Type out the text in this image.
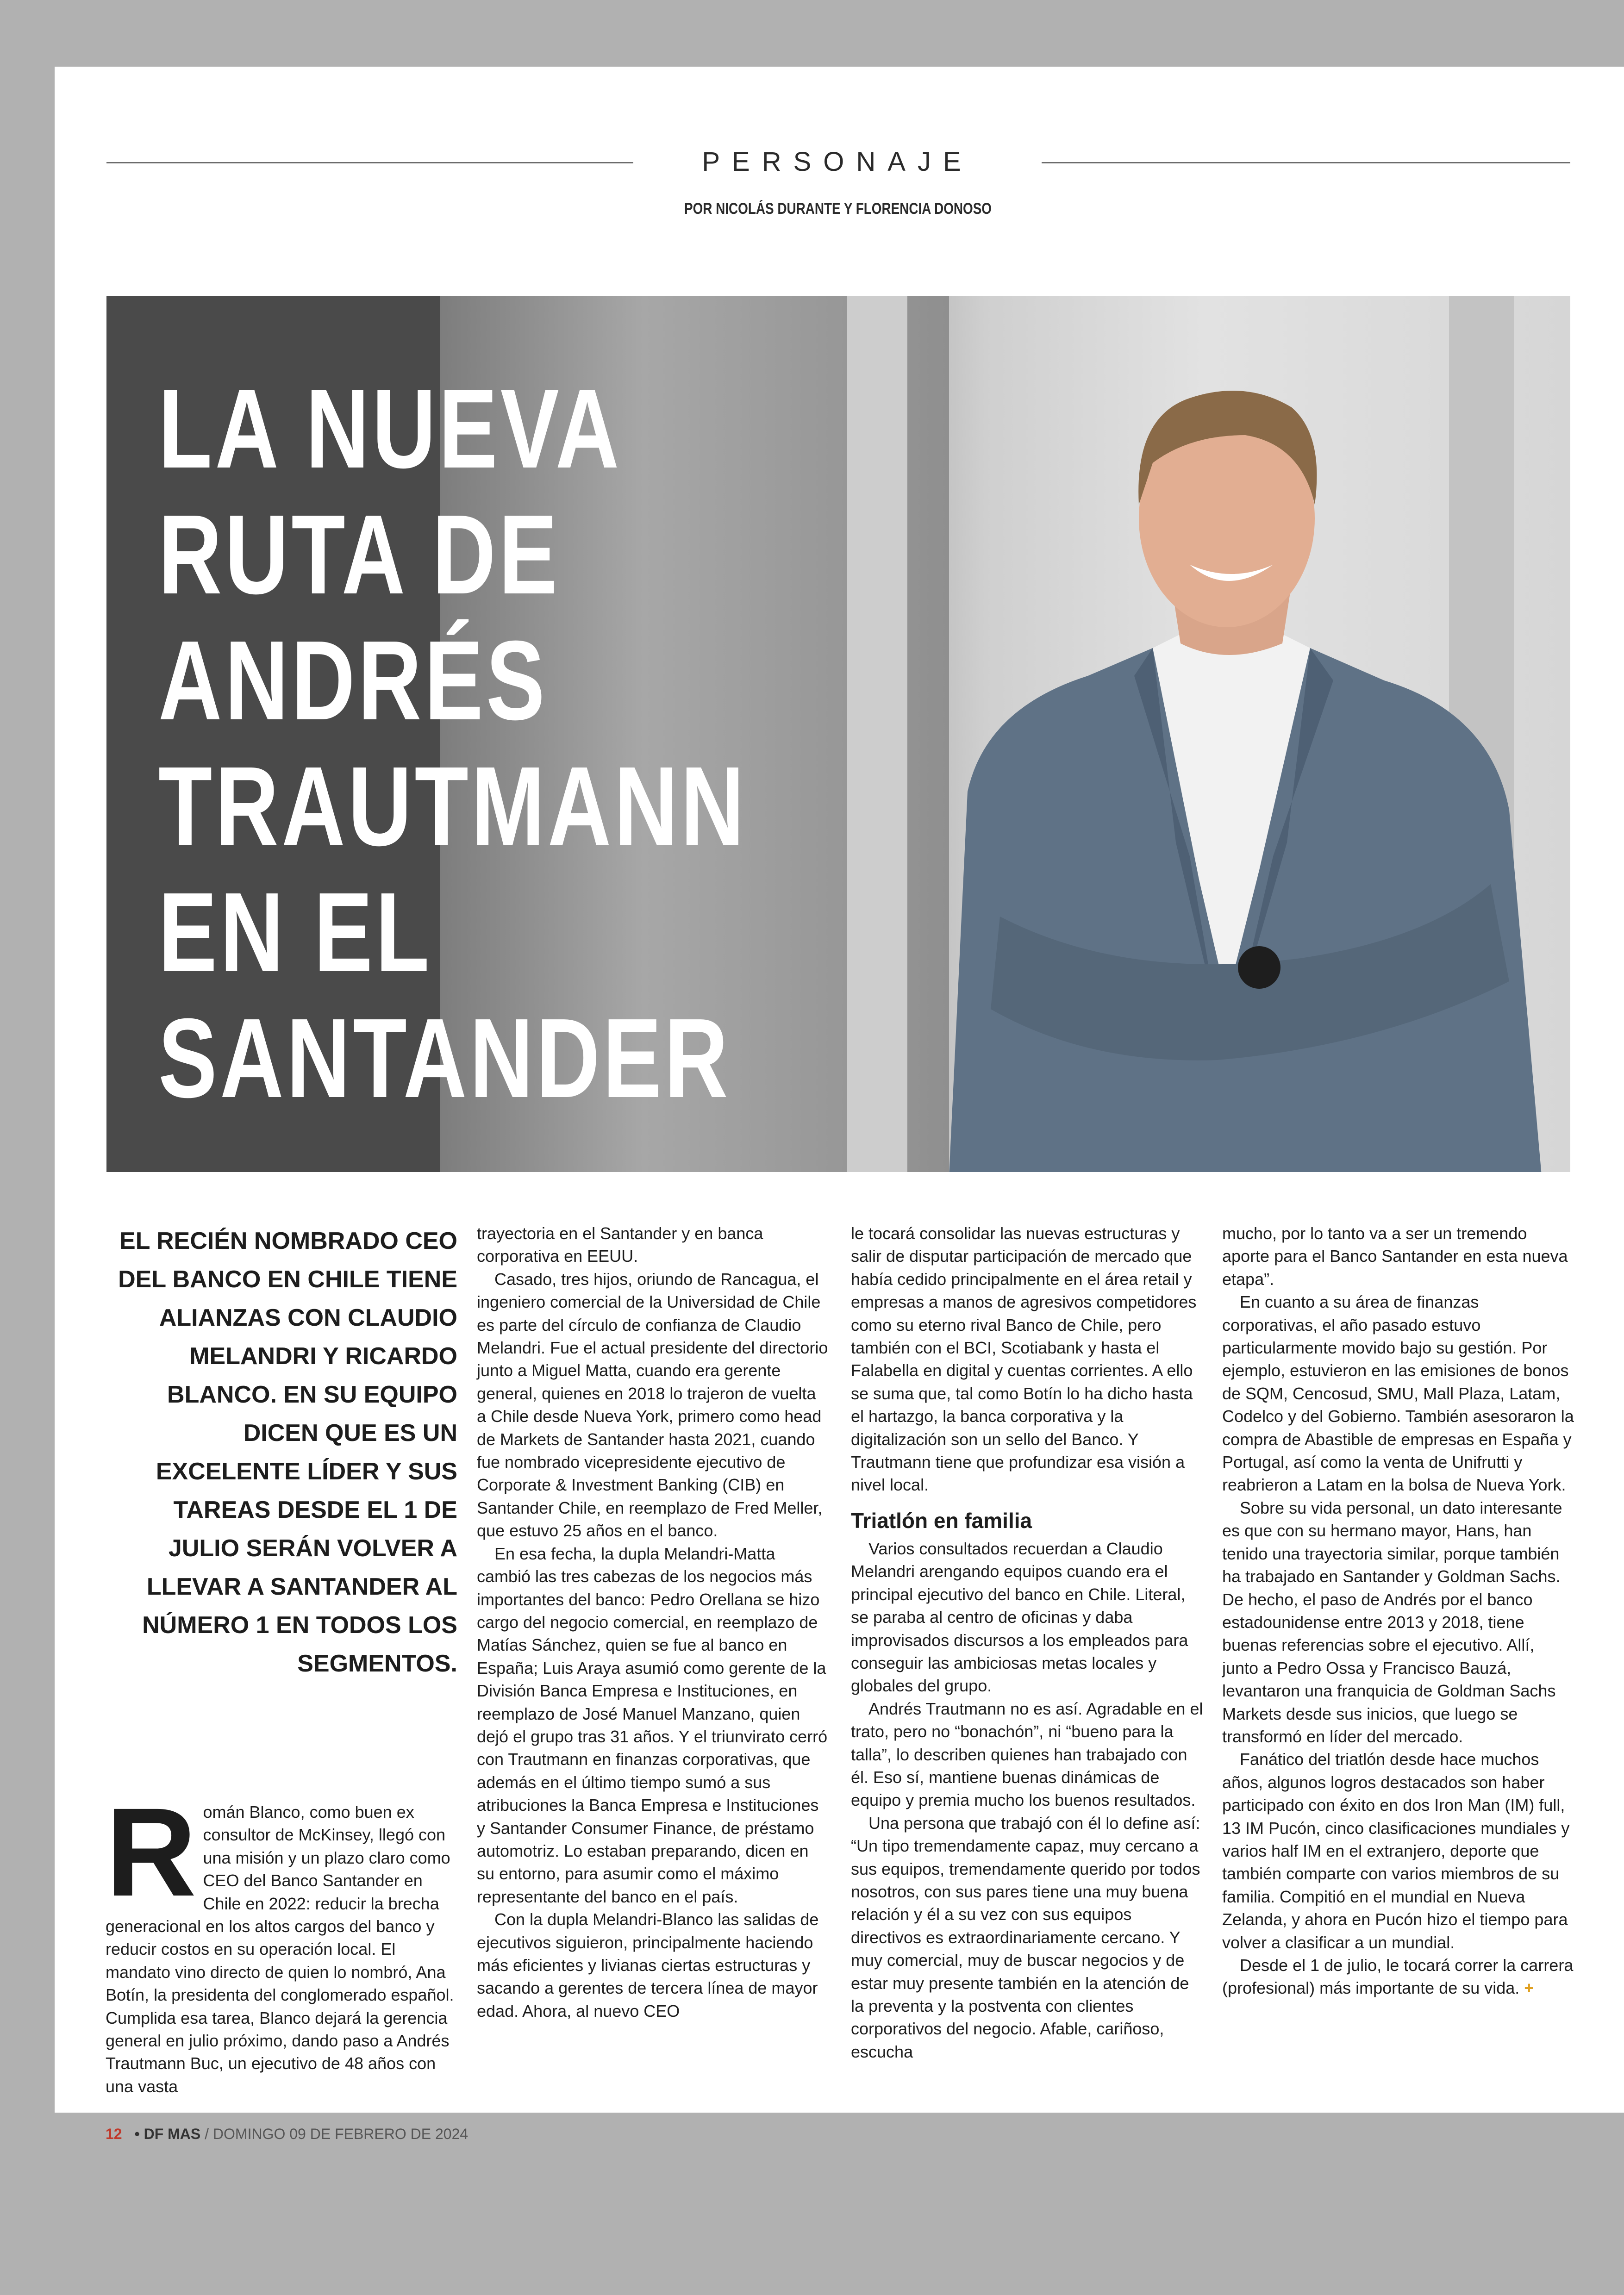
PERSONAJE
POR NICOLÁS DURANTE Y FLORENCIA DONOSO
LA NUEVA
RUTA DE
ANDRÉS
TRAUTMANN
EN EL
SANTANDER
EL RECIÉN NOMBRADO CEO DEL BANCO EN CHILE TIENE ALIANZAS CON CLAUDIO MELANDRI Y RICARDO BLANCO. EN SU EQUIPO DICEN QUE ES UN EXCELENTE LÍDER Y SUS TAREAS DESDE EL 1 DE JULIO SERÁN VOLVER A LLEVAR A SANTANDER AL NÚMERO 1 EN TODOS LOS SEGMENTOS.
Román Blanco, como buen ex consultor de McKinsey, llegó con una misión y un plazo claro como CEO del Banco Santander en Chile en 2022: reducir la brecha generacional en los altos cargos del banco y reducir costos en su operación local. El mandato vino directo de quien lo nombró, Ana Botín, la presidenta del conglomerado español. Cumplida esa tarea, Blanco dejará la gerencia general en julio próximo, dando paso a Andrés Trautmann Buc, un ejecutivo de 48 años con una vasta

trayectoria en el Santander y en banca corporativa en EEUU.

Casado, tres hijos, oriundo de Rancagua, el ingeniero comercial de la Universidad de Chile es parte del círculo de confianza de Claudio Melandri. Fue el actual presidente del directorio junto a Miguel Matta, cuando era gerente general, quienes en 2018 lo trajeron de vuelta a Chile desde Nueva York, primero como head de Markets de Santander hasta 2021, cuando fue nombrado vicepresidente ejecutivo de Corporate & Investment Banking (CIB) en Santander Chile, en reemplazo de Fred Meller, que estuvo 25 años en el banco.

En esa fecha, la dupla Melandri-Matta cambió las tres cabezas de los negocios más importantes del banco: Pedro Orellana se hizo cargo del negocio comercial, en reemplazo de Matías Sánchez, quien se fue al banco en España; Luis Araya asumió como gerente de la División Banca Empresa e Instituciones, en reemplazo de José Manuel Manzano, quien dejó el grupo tras 31 años. Y el triunvirato cerró con Trautmann en finanzas corporativas, que además en el último tiempo sumó a sus atribuciones la Banca Empresa e Instituciones y Santander Consumer Finance, de préstamo automotriz. Lo estaban preparando, dicen en su entorno, para asumir como el máximo representante del banco en el país.

Con la dupla Melandri-Blanco las salidas de ejecutivos siguieron, principalmente haciendo más eficientes y livianas ciertas estructuras y sacando a gerentes de tercera línea de mayor edad. Ahora, al nuevo CEO

le tocará consolidar las nuevas estructuras y salir de disputar participación de mercado que había cedido principalmente en el área retail y empresas a manos de agresivos competidores como su eterno rival Banco de Chile, pero también con el BCI, Scotiabank y hasta el Falabella en digital y cuentas corrientes. A ello se suma que, tal como Botín lo ha dicho hasta el hartazgo, la banca corporativa y la digitalización son un sello del Banco. Y Trautmann tiene que profundizar esa visión a nivel local.

Triatlón en familia

Varios consultados recuerdan a Claudio Melandri arengando equipos cuando era el principal ejecutivo del banco en Chile. Literal, se paraba al centro de oficinas y daba improvisados discursos a los empleados para conseguir las ambiciosas metas locales y globales del grupo.

Andrés Trautmann no es así. Agradable en el trato, pero no “bonachón”, ni “bueno para la talla”, lo describen quienes han trabajado con él. Eso sí, mantiene buenas dinámicas de equipo y premia mucho los buenos resultados.

Una persona que trabajó con él lo define así: “Un tipo tremendamente capaz, muy cercano a sus equipos, tremendamente querido por todos nosotros, con sus pares tiene una muy buena relación y él a su vez con sus equipos directivos es extraordinariamente cercano. Y muy comercial, muy de buscar negocios y de estar muy presente también en la atención de la preventa y la postventa con clientes corporativos del negocio. Afable, cariñoso, escucha

mucho, por lo tanto va a ser un tremendo aporte para el Banco Santander en esta nueva etapa”.

En cuanto a su área de finanzas corporativas, el año pasado estuvo particularmente movido bajo su gestión. Por ejemplo, estuvieron en las emisiones de bonos de SQM, Cencosud, SMU, Mall Plaza, Latam, Codelco y del Gobierno. También asesoraron la compra de Abastible de empresas en España y Portugal, así como la venta de Unifrutti y reabrieron a Latam en la bolsa de Nueva York.

Sobre su vida personal, un dato interesante es que con su hermano mayor, Hans, han tenido una trayectoria similar, porque también ha trabajado en Santander y Goldman Sachs. De hecho, el paso de Andrés por el banco estadounidense entre 2013 y 2018, tiene buenas referencias sobre el ejecutivo. Allí, junto a Pedro Ossa y Francisco Bauzá, levantaron una franquicia de Goldman Sachs Markets desde sus inicios, que luego se transformó en líder del mercado.

Fanático del triatlón desde hace muchos años, algunos logros destacados son haber participado con éxito en dos Iron Man (IM) full, 13 IM Pucón, cinco clasificaciones mundiales y varios half IM en el extranjero, deporte que también comparte con varios miembros de su familia. Compitió en el mundial en Nueva Zelanda, y ahora en Pucón hizo el tiempo para volver a clasificar a un mundial.

Desde el 1 de julio, le tocará correr la carrera (profesional) más importante de su vida. +

12 • DF MAS / DOMINGO 09 DE FEBRERO DE 2024
